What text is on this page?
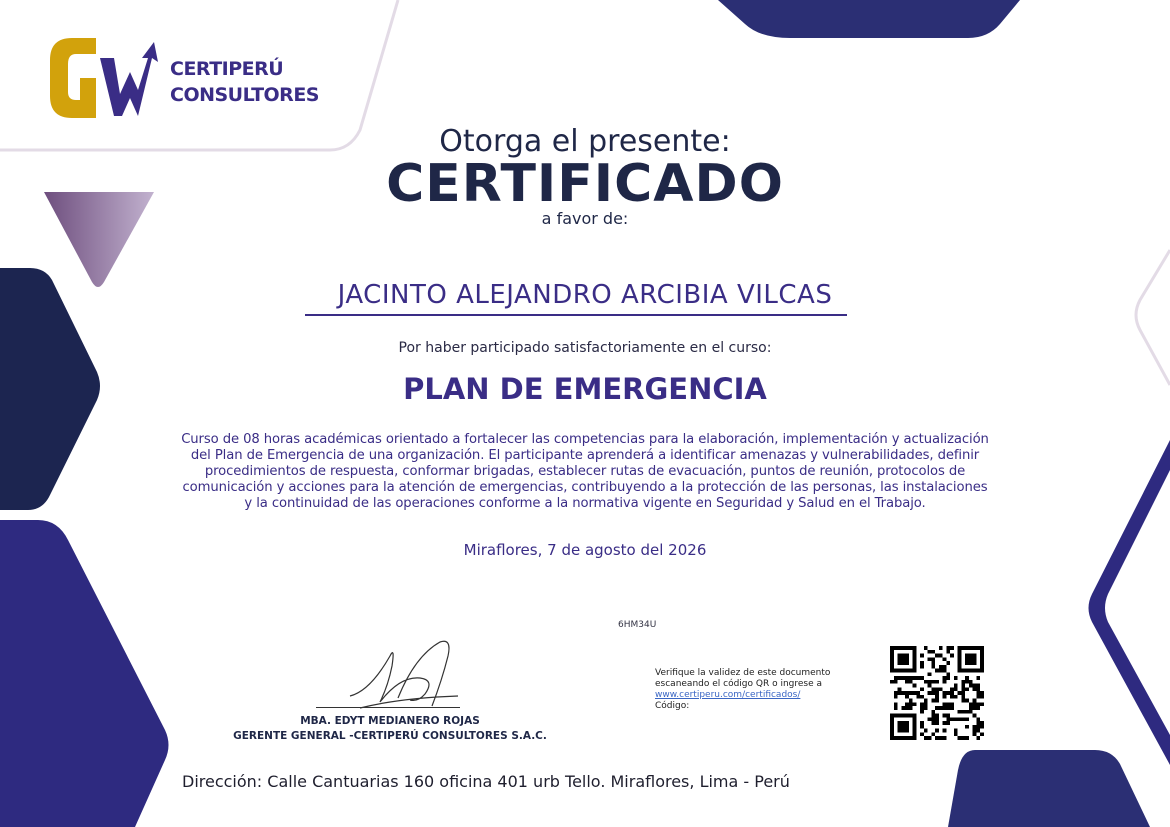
CERTIPERÚ
CONSULTORES
Otorga el presente:
CERTIFICADO
a favor de:
JACINTO ALEJANDRO ARCIBIA VILCAS
Por haber participado satisfactoriamente en el curso:
PLAN DE EMERGENCIA
Curso de 08 horas académicas orientado a fortalecer las competencias para la elaboración, implementación y actualización del Plan de Emergencia de una organización. El participante aprenderá a identificar amenazas y vulnerabilidades, definir procedimientos de respuesta, conformar brigadas, establecer rutas de evacuación, puntos de reunión, protocolos de comunicación y acciones para la atención de emergencias, contribuyendo a la protección de las personas, las instalaciones y la continuidad de las operaciones conforme a la normativa vigente en Seguridad y Salud en el Trabajo.
Miraflores, 7 de agosto del 2026
6HM34U
MBA. EDYT MEDIANERO ROJAS
GERENTE GENERAL -CERTIPERÚ CONSULTORES S.A.C.
Verifique la validez de este documento
escaneando el código QR o ingrese a
www.certiperu.com/certificados/
Código:
Dirección: Calle Cantuarias 160 oficina 401 urb Tello. Miraflores, Lima - Perú
